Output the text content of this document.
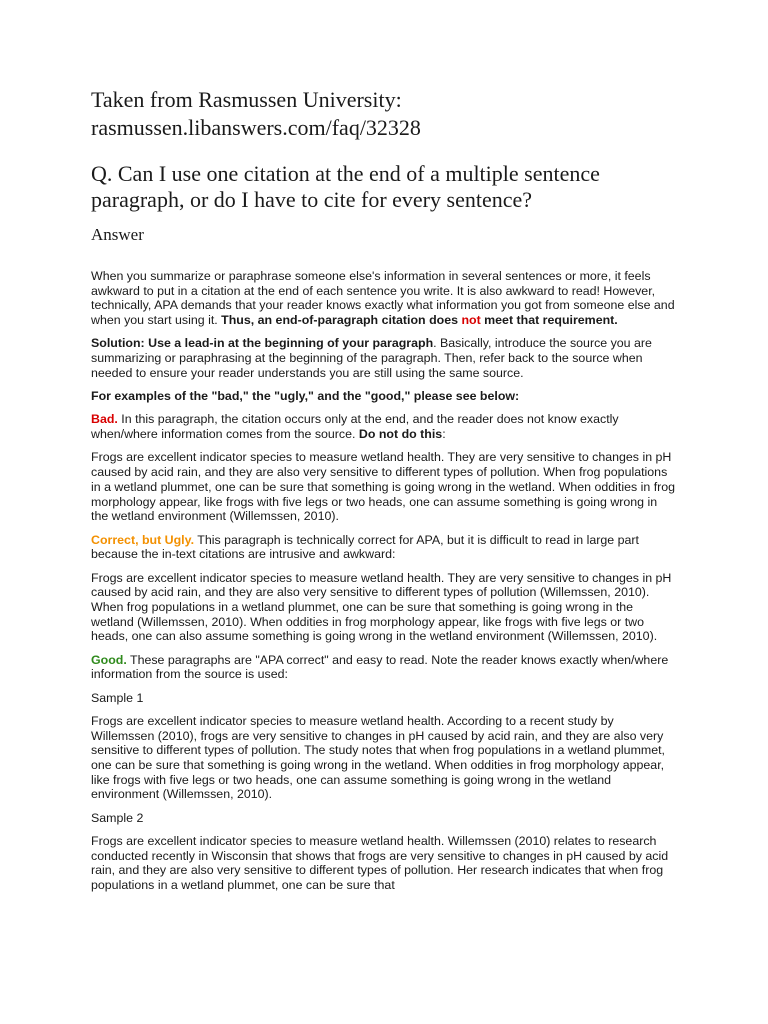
Taken from Rasmussen University:
rasmussen.libanswers.com/faq/32328
Q. Can I use one citation at the end of a multiple sentence paragraph, or do I have to cite for every sentence?
Answer

When you summarize or paraphrase someone else's information in several sentences or more, it feels awkward to put in a citation at the end of each sentence you write. It is also awkward to read! However, technically, APA demands that your reader knows exactly what information you got from someone else and when you start using it. Thus, an end-of-paragraph citation does not meet that requirement.

Solution: Use a lead-in at the beginning of your paragraph. Basically, introduce the source you are summarizing or paraphrasing at the beginning of the paragraph. Then, refer back to the source when needed to ensure your reader understands you are still using the same source.

For examples of the "bad," the "ugly," and the "good," please see below:

Bad. In this paragraph, the citation occurs only at the end, and the reader does not know exactly when/where information comes from the source. Do not do this:

Frogs are excellent indicator species to measure wetland health. They are very sensitive to changes in pH caused by acid rain, and they are also very sensitive to different types of pollution. When frog populations in a wetland plummet, one can be sure that something is going wrong in the wetland. When oddities in frog morphology appear, like frogs with five legs or two heads, one can assume something is going wrong in the wetland environment (Willemssen, 2010).

Correct, but Ugly. This paragraph is technically correct for APA, but it is difficult to read in large part because the in-text citations are intrusive and awkward:

Frogs are excellent indicator species to measure wetland health. They are very sensitive to changes in pH caused by acid rain, and they are also very sensitive to different types of pollution (Willemssen, 2010). When frog populations in a wetland plummet, one can be sure that something is going wrong in the wetland (Willemssen, 2010). When oddities in frog morphology appear, like frogs with five legs or two heads, one can also assume something is going wrong in the wetland environment (Willemssen, 2010).

Good. These paragraphs are "APA correct" and easy to read. Note the reader knows exactly when/where information from the source is used:

Sample 1

Frogs are excellent indicator species to measure wetland health. According to a recent study by Willemssen (2010), frogs are very sensitive to changes in pH caused by acid rain, and they are also very sensitive to different types of pollution. The study notes that when frog populations in a wetland plummet, one can be sure that something is going wrong in the wetland. When oddities in frog morphology appear, like frogs with five legs or two heads, one can assume something is going wrong in the wetland environment (Willemssen, 2010).

Sample 2

Frogs are excellent indicator species to measure wetland health. Willemssen (2010) relates to research conducted recently in Wisconsin that shows that frogs are very sensitive to changes in pH caused by acid rain, and they are also very sensitive to different types of pollution. Her research indicates that when frog populations in a wetland plummet, one can be sure that
